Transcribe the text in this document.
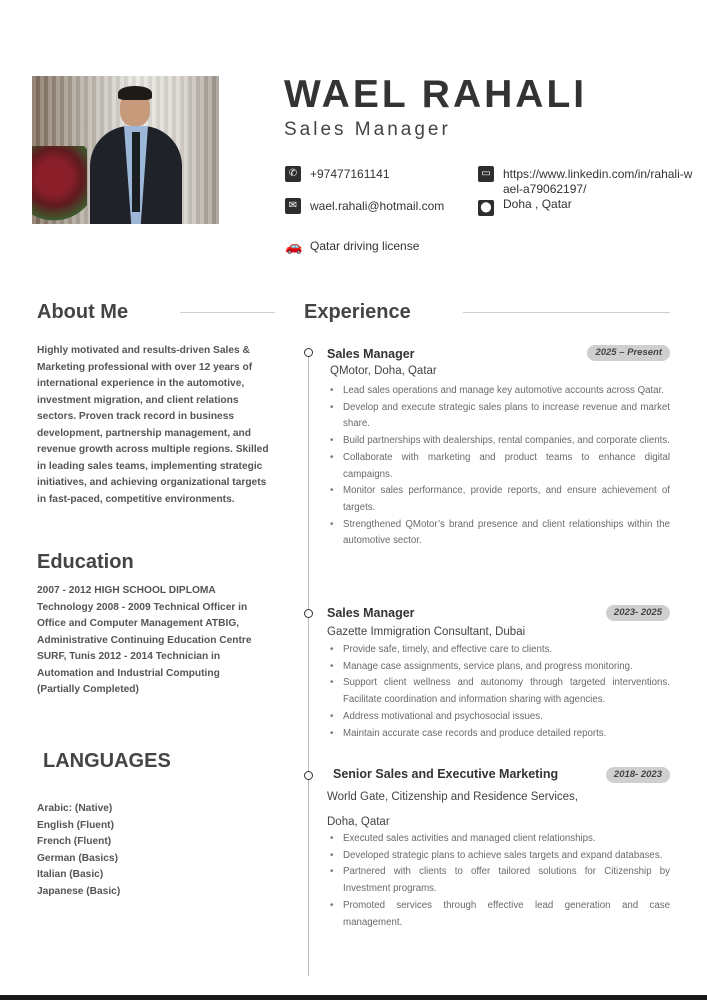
WAEL RAHALI
Sales Manager
✆	+97477161141
✉	wael.rahali@hotmail.com
🚗 Qatar driving license
▭ https://www.linkedin.com/in/rahali-wael-a79062197/
⬤ Doha , Qatar
About Me

Highly motivated and results-driven Sales & Marketing professional with over 12 years of international experience in the automotive, investment migration, and client relations sectors. Proven track record in business development, partnership management, and revenue growth across multiple regions. Skilled in leading sales teams, implementing strategic initiatives, and achieving organizational targets in fast-paced, competitive environments.

Education

2007 - 2012 HIGH SCHOOL DIPLOMA Technology 2008 - 2009 Technical Officer in Office and Computer Management ATBIG, Administrative Continuing Education Centre SURF, Tunis 2012 - 2014 Technician in Automation and Industrial Computing (Partially Completed)

LANGUAGES
Arabic: (Native)
English (Fluent)
French (Fluent)
German (Basics)
Italian (Basic)
Japanese (Basic)
Experience
Sales Manager	2025 – Present
QMotor, Doha, Qatar
• Lead sales operations and manage key automotive accounts across Qatar.
• Develop and execute strategic sales plans to increase revenue and market share.
• Build partnerships with dealerships, rental companies, and corporate clients.
• Collaborate with marketing and product teams to enhance digital campaigns.
• Monitor sales performance, provide reports, and ensure achievement of targets.
• Strengthened QMotor’s brand presence and client relationships within the automotive sector.
Sales Manager	2023- 2025
Gazette Immigration Consultant, Dubai
• Provide safe, timely, and effective care to clients.
• Manage case assignments, service plans, and progress monitoring.
• Support client wellness and autonomy through targeted interventions. Facilitate coordination and information sharing with agencies.
• Address motivational and psychosocial issues.
• Maintain accurate case records and produce detailed reports.
Senior Sales and Executive Marketing	2018- 2023
World Gate, Citizenship and Residence Services,
Doha, Qatar
• Executed sales activities and managed client relationships.
• Developed strategic plans to achieve sales targets and expand databases.
• Partnered with clients to offer tailored solutions for Citizenship by Investment programs.
• Promoted services through effective lead generation and case management.
